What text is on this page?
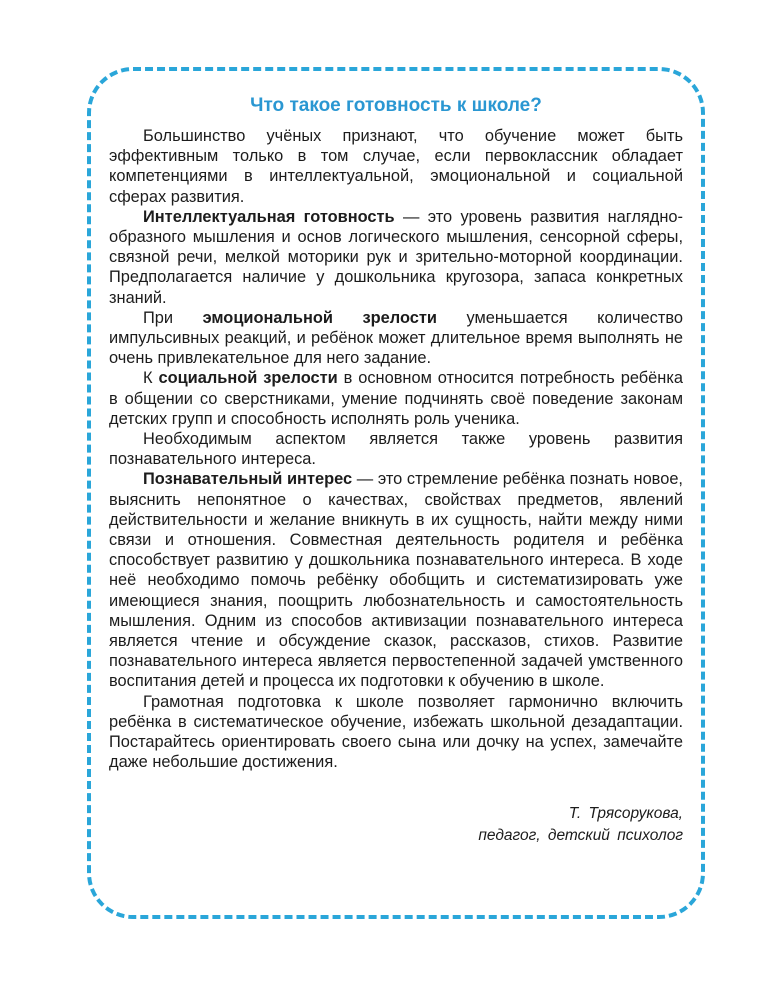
Что такое готовность к школе?

Большинство учёных признают, что обучение может быть эффективным только в том случае, если первоклассник обладает компетенциями в интеллектуальной, эмоциональной и социальной сферах развития.

Интеллектуальная готовность — это уровень развития наглядно-образного мышления и основ логического мышления, сенсорной сферы, связной речи, мелкой моторики рук и зрительно-моторной координации. Предполагается наличие у дошкольника кругозора, запаса конкретных знаний.

При эмоциональной зрелости уменьшается количество импульсивных реакций, и ребёнок может длительное время выполнять не очень привлекательное для него задание.

К социальной зрелости в основном относится потребность ребёнка в общении со сверстниками, умение подчинять своё поведение законам детских групп и способность исполнять роль ученика.

Необходимым аспектом является также уровень развития познавательного интереса.

Познавательный интерес — это стремление ребёнка познать новое, выяснить непонятное о качествах, свойствах предметов, явлений действительности и желание вникнуть в их сущность, найти между ними связи и отношения. Совместная деятельность родителя и ребёнка способствует развитию у дошкольника познавательного интереса. В ходе неё необходимо помочь ребёнку обобщить и систематизировать уже имеющиеся знания, поощрить любознательность и самостоятельность мышления. Одним из способов активизации познавательного интереса является чтение и обсуждение сказок, рассказов, стихов. Развитие познавательного интереса является первостепенной задачей умственного воспитания детей и процесса их подготовки к обучению в школе.

Грамотная подготовка к школе позволяет гармонично включить ребёнка в систематическое обучение, избежать школьной дезадаптации. Постарайтесь ориентировать своего сына или дочку на успех, замечайте даже небольшие достижения.

Т. Трясорукова,
педагог, детский психолог
